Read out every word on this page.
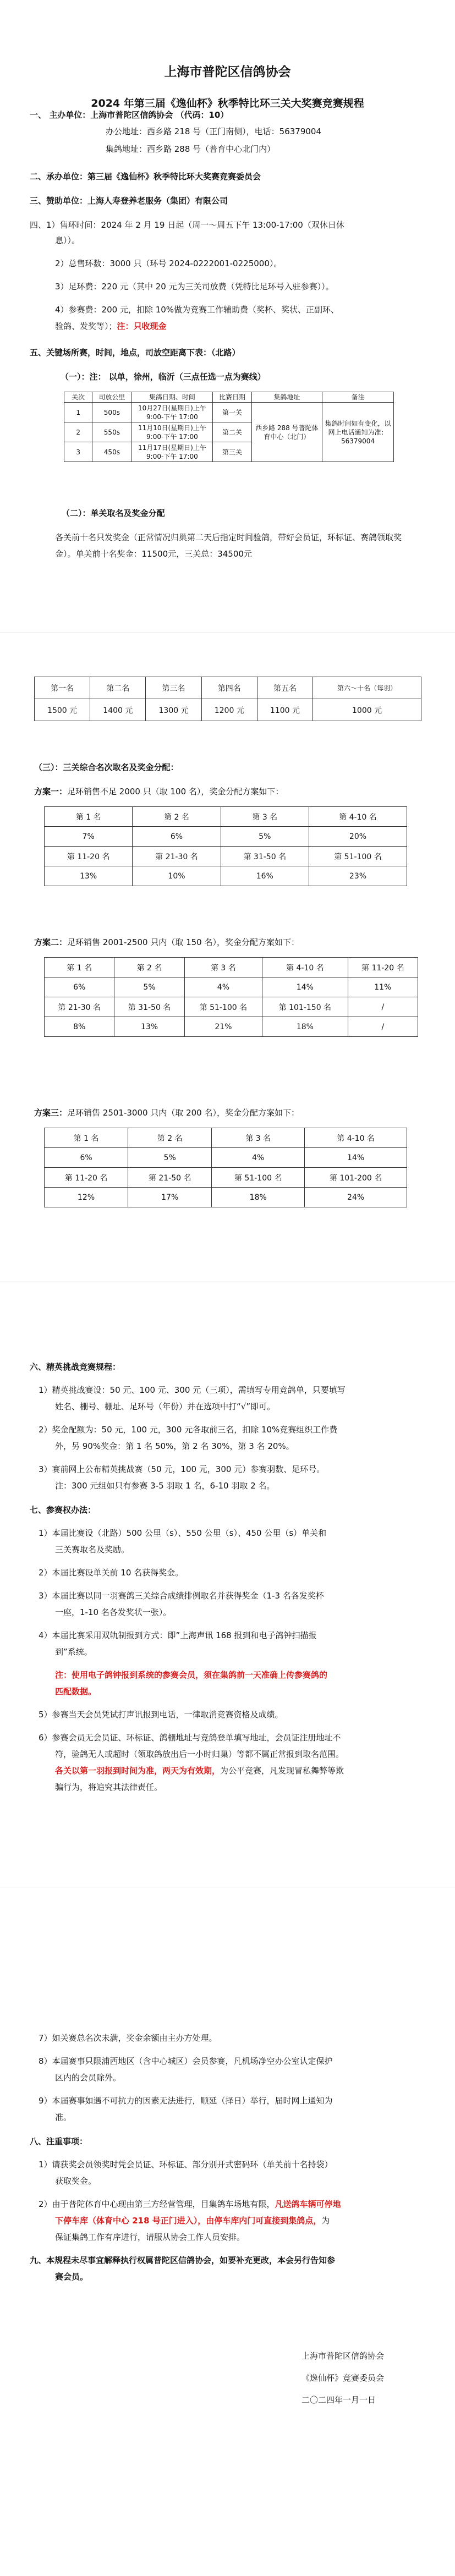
上海市普陀区信鸽协会

2024 年第三届《逸仙杯》秋季特比环三关大奖赛竞赛规程

一、 主办单位：上海市普陀区信鸽协会 （代码：10）
办公地址：西乡路 218 号（正门南侧），电话：56379004
集鸽地址：西乡路 288 号（普育中心北门内）
二、承办单位：第三届《逸仙杯》秋季特比环大奖赛竞赛委员会
三、赞助单位：上海人寿登养老服务（集团）有限公司
四、1）售环时间：2024 年 2 月 19 日起（周一～周五下午 13:00-17:00（双休日休
息））。
2）总售环数：3000 只（环号 2024-0222001-0225000）。
3）足环费：220 元（其中 20 元为三关司放费（凭特比足环号入驻参赛））。
4）参赛费：200 元，扣除 10%做为竞赛工作辅助费（奖杯、奖状、正副环、
验鸽、发奖等）；注：只收现金
五、关键场所赛，时间，地点，司放空距离下表：（北路）
（一）：注： 以单，徐州，临沂（三点任选一点为赛线）
关次	司放公里	集鸽日期、时间	比赛日期	集鸽地址	备注
1	500s	10月27日(星期日)上午 9:00-下午 17:00	第一关	西乡路 288 号普陀体育中心（北门）	集鸽时间如有变化，以网上电话通知为准：56379004
2	550s	11月10日(星期日)上午 9:00-下午 17:00	第二关		
3	450s	11月17日(星期日)上午 9:00-下午 17:00	第三关		
（二）：单关取名及奖金分配
各关前十名只发奖金（正常情况归巢第二天后指定时间验鸽，带好会员证，环标证、赛鸽领取奖金）。单关前十名奖金：11500元，三关总：34500元
第一名	第二名	第三名	第四名	第五名	第六～十名（每羽）
1500 元	1400 元	1300 元	1200 元	1100 元	1000 元
（三）：三关综合名次取名及奖金分配：
方案一：足环销售不足 2000 只（取 100 名），奖金分配方案如下：
第 1 名	第 2 名	第 3 名	第 4-10 名
7%	6%	5%	20%
第 11-20 名	第 21-30 名	第 31-50 名	第 51-100 名
13%	10%	16%	23%
方案二：足环销售 2001-2500 只内（取 150 名），奖金分配方案如下：
第 1 名	第 2 名	第 3 名	第 4-10 名	第 11-20 名
6%	5%	4%	14%	11%
第 21-30 名	第 31-50 名	第 51-100 名	第 101-150 名	/
8%	13%	21%	18%	/
方案三：足环销售 2501-3000 只内（取 200 名），奖金分配方案如下：
第 1 名	第 2 名	第 3 名	第 4-10 名
6%	5%	4%	14%
第 11-20 名	第 21-50 名	第 51-100 名	第 101-200 名
12%	17%	18%	24%
六、精英挑战竞赛规程：
1）精英挑战赛设：50 元、100 元、300 元（三项），需填写专用竞鸽单，只要填写
姓名、棚号、棚址、足环号（年份）并在选项中打“√”即可。
2）奖金配额为：50 元，100 元，300 元各取前三名，扣除 10%竞赛组织工作费
外，另 90%奖金：第 1 名 50%，第 2 名 30%，第 3 名 20%。
3）赛前网上公布精英挑战赛（50 元，100 元，300 元）参赛羽数、足环号。
注：300 元组如只有参赛 3-5 羽取 1 名，6-10 羽取 2 名。
七、参赛权办法：
1）本届比赛设（北路）500 公里（s）、550 公里（s）、450 公里（s）单关和
三关赛取名及奖励。
2）本届比赛设单关前 10 名获得奖金。
3）本届比赛以同一羽赛鸽三关综合成绩排例取名并获得奖金（1-3 名各发奖杯
一座，1-10 名各发奖状一张）。
4）本届比赛采用双轨制报到方式：即”上海声讯 168 报到和电子鸽钟扫描报
到”系统。
注：使用电子鸽钟报到系统的参赛会员，须在集鸽前一天准确上传参赛鸽的
匹配数据。
5）参赛当天会员凭试打声讯报到电话，一律取消竞赛资格及成绩。
6）参赛会员无会员证、环标证、鸽棚地址与竞鸽登单填写地址，会员证注册地址不
符，验鸽无人或超时（领取鸽放出后一小时归巢）等都不属正常报到取名范围。
各关以第一羽报到时间为准，两天为有效期，为公平竞赛，凡发现冒私舞弊等欺
骗行为，将追究其法律责任。
7）如关赛总名次未满，奖金余额由主办方处理。
8）本届赛事只限浦西地区（含中心城区）会员参赛，凡机场净空办公室认定保护
区内的会员除外。
9）本届赛事如遇不可抗力的因素无法进行，顺延（择日）举行，届时网上通知为
准。
八、注重事项：
1）请获奖会员领奖时凭会员证、环标证、部分别开式密码环（单关前十名持袋）
获取奖金。
2）由于普陀体育中心现由第三方经营管理，目集鸽车场地有限，凡送鸽车辆可停地
下停车库（体育中心 218 号正门进入），由停车库内门可直接到集鸽点，为
保证集鸽工作有序进行，请服从协会工作人员安排。
九、本规程未尽事宜解释执行权属普陀区信鸽协会，如要补充更改，本会另行告知参
赛会员。
上海市普陀区信鸽协会
《逸仙杯》竞赛委员会
二〇二四年一月一日
